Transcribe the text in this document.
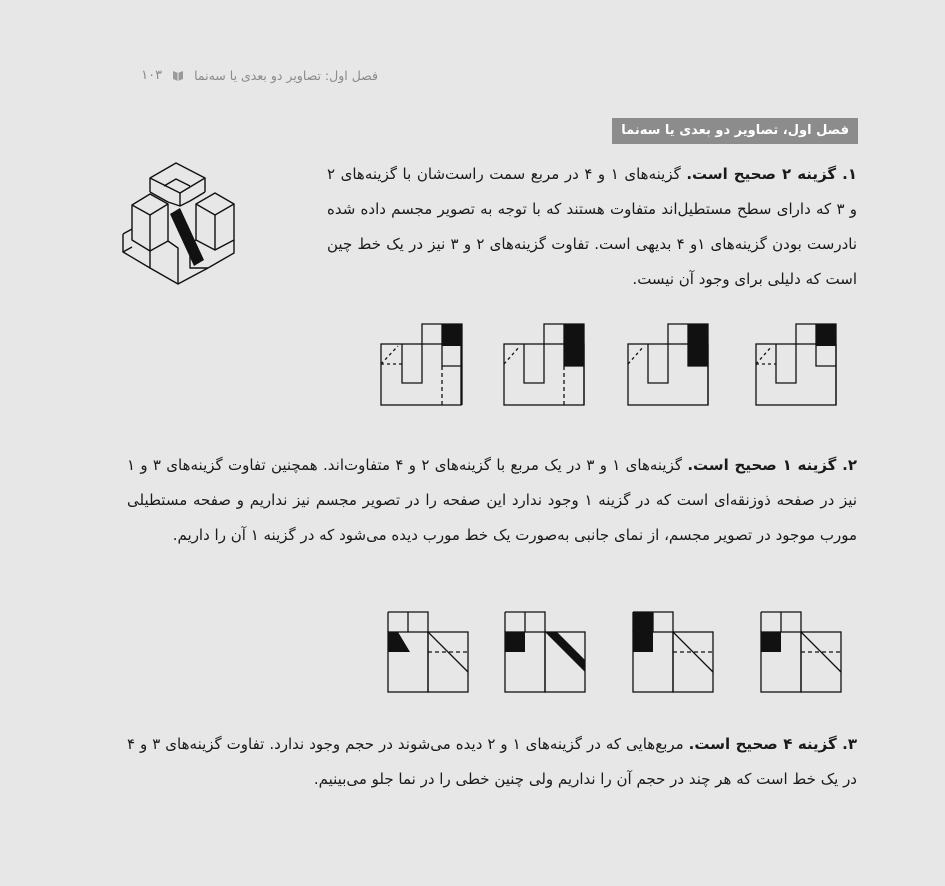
فصل اول: تصاویر دو بعدی یا سه‌نما
۱۰۳
فصل اول، تصاویر دو بعدی یا سه‌نما

۱. گزینه ۲ صحیح است. گزینه‌های ۱ و ۴ در مربع سمت راست‌شان با گزینه‌های ۲ و ۳ که دارای سطح مستطیل‌اند متفاوت هستند که با توجه به تصویر مجسم داده شده نادرست بودن گزینه‌های ۱و ۴ بدیهی است. تفاوت گزینه‌های ۲ و ۳ نیز در یک خط چین است که دلیلی برای وجود آن نیست.

۲. گزینه ۱ صحیح است. گزینه‌های ۱ و ۳ در یک مربع با گزینه‌های ۲ و ۴ متفاوت‌اند. همچنین تفاوت گزینه‌های ۳ و ۱ نیز در صفحه ذوزنقه‌ای است که در گزینه ۱ وجود ندارد این صفحه را در تصویر مجسم نیز نداریم و صفحه مستطیلی مورب موجود در تصویر مجسم، از نمای جانبی به‌صورت یک خط مورب دیده می‌شود که در گزینه ۱ آن را داریم.

۳. گزینه ۴ صحیح است. مربع‌هایی که در گزینه‌های ۱ و ۲ دیده می‌شوند در حجم وجود ندارد. تفاوت گزینه‌های ۳ و ۴ در یک خط است که هر چند در حجم آن را نداریم ولی چنین خطی را در نما جلو می‌بینیم.
